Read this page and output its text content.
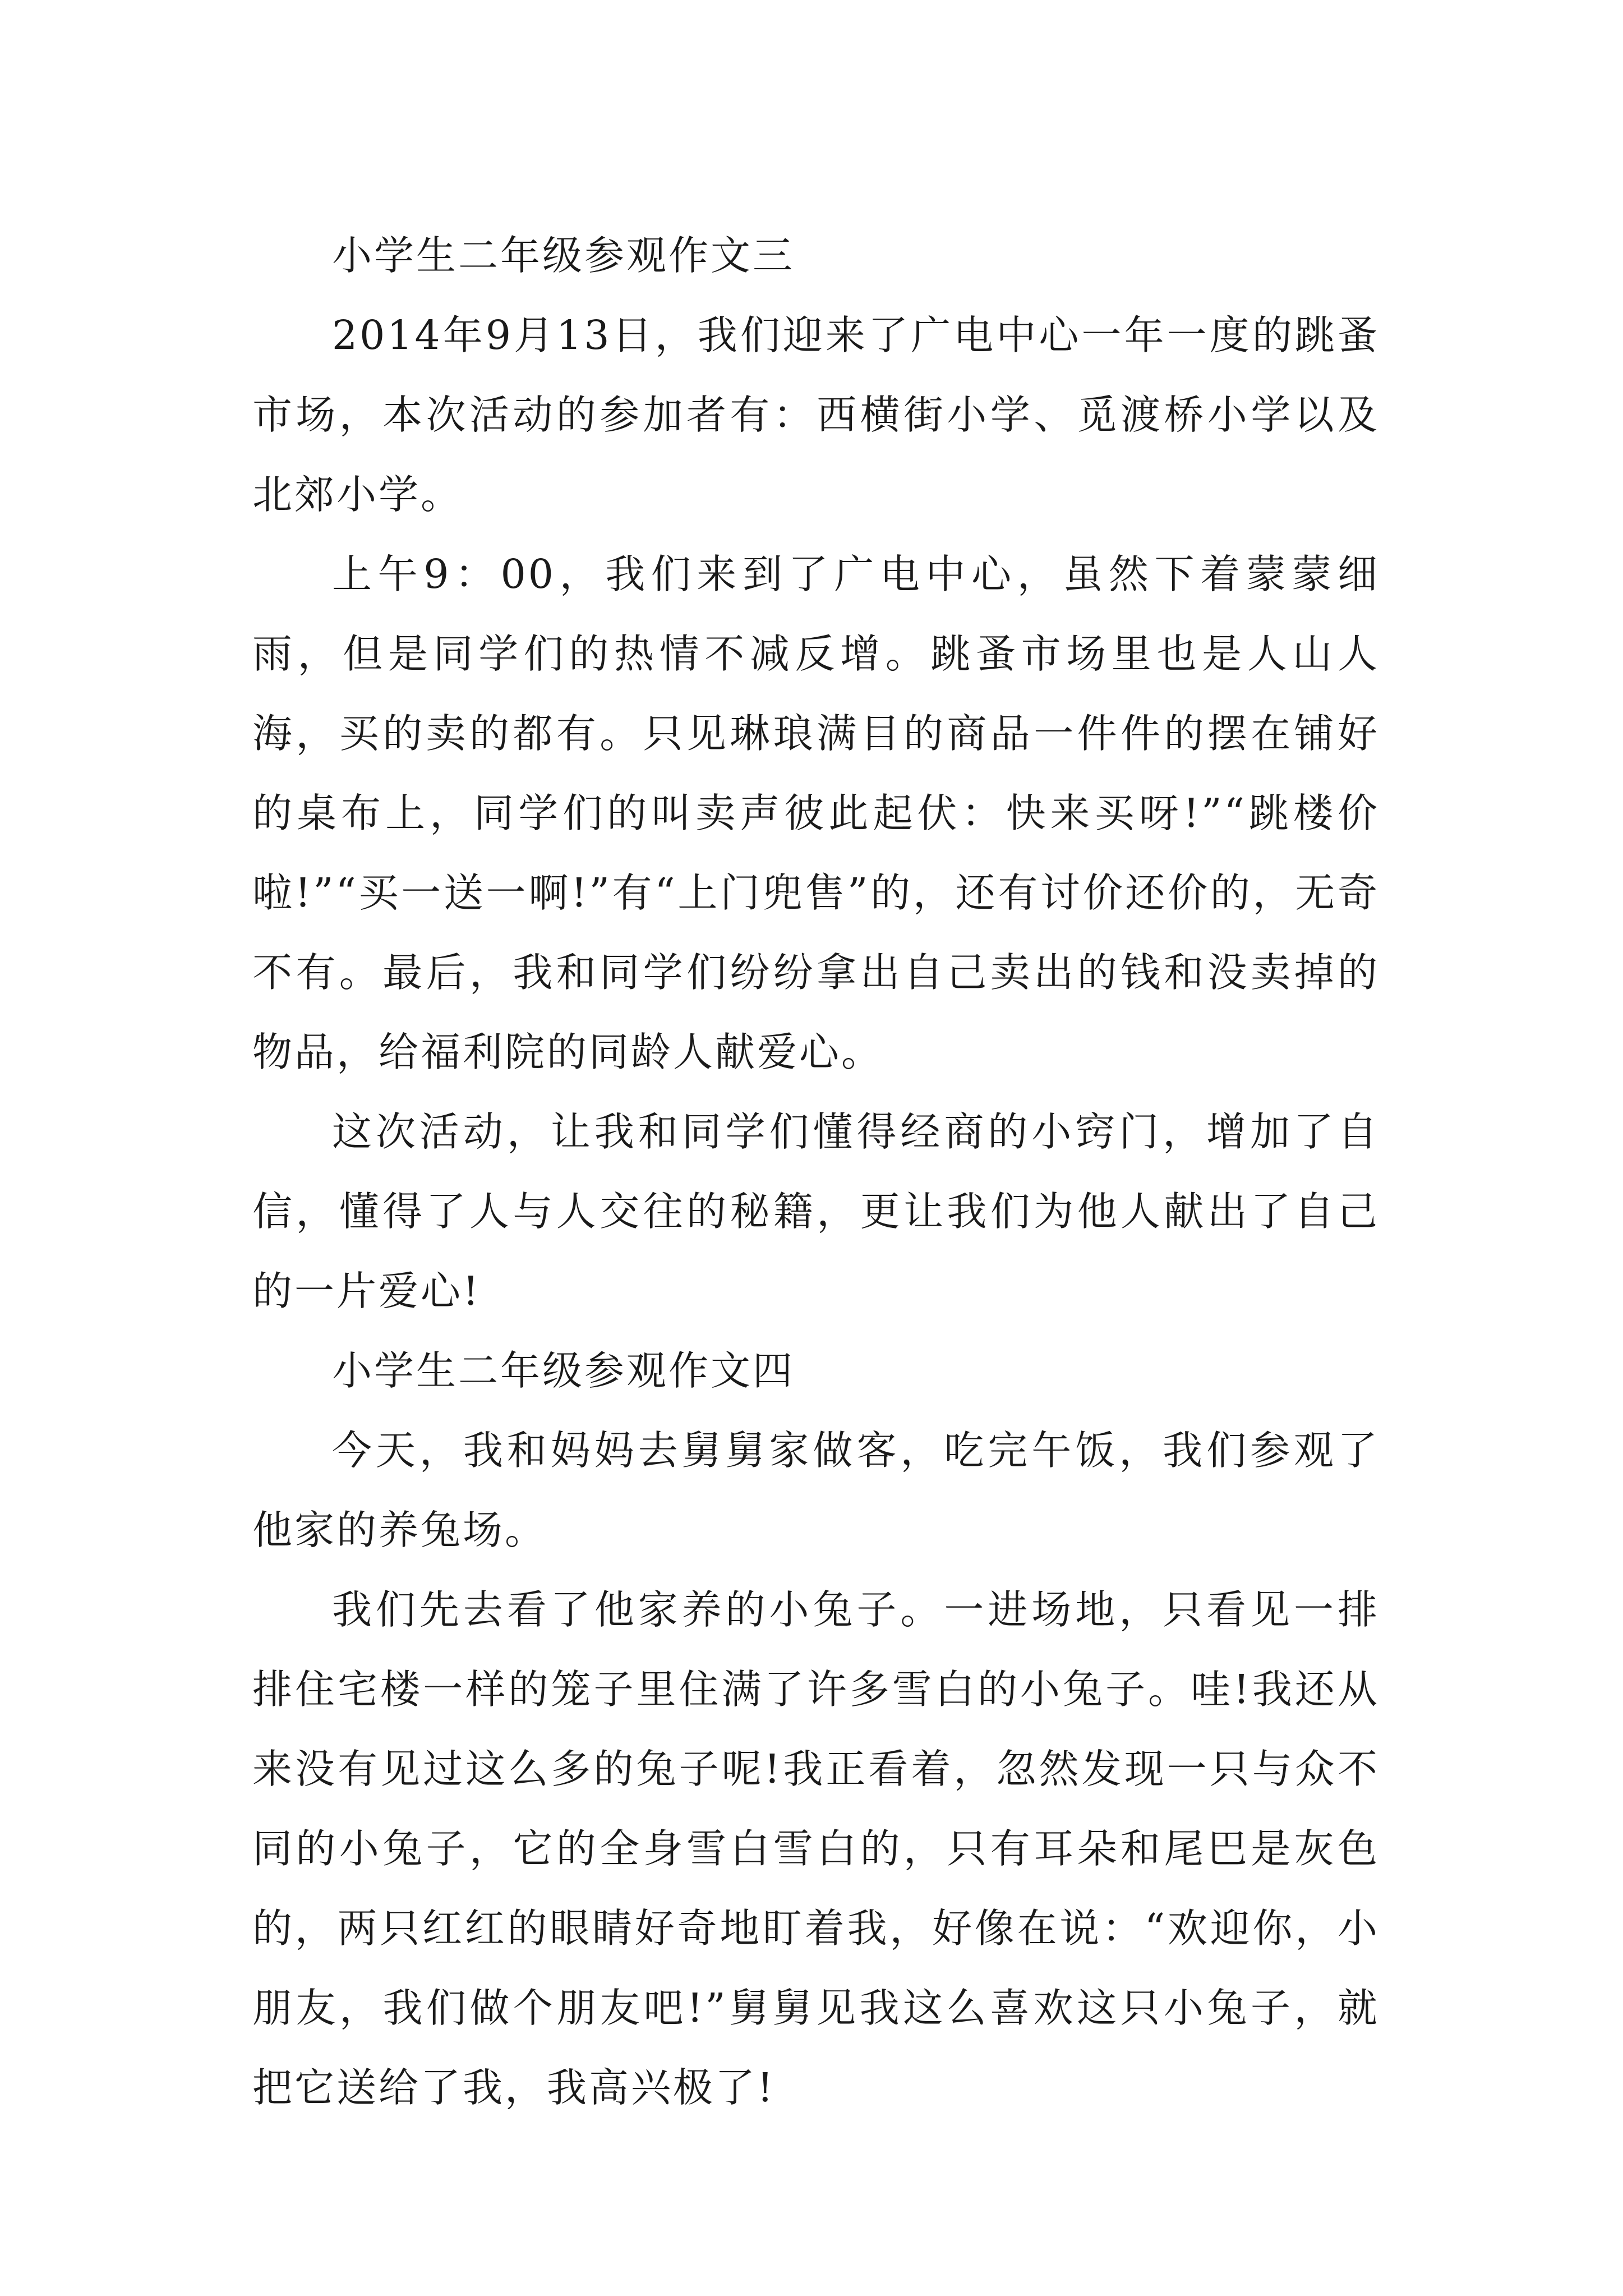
小学生二年级参观作文三

2014年9月13日，我们迎来了广电中心一年一度的跳蚤市场，本次活动的参加者有：西横街小学、觅渡桥小学以及北郊小学。

上午9：00，我们来到了广电中心，虽然下着蒙蒙细雨，但是同学们的热情不减反增。跳蚤市场里也是人山人海，买的卖的都有。只见琳琅满目的商品一件件的摆在铺好的桌布上，同学们的叫卖声彼此起伏：快来买呀!”“跳楼价啦!”“买一送一啊!”有“上门兜售”的，还有讨价还价的，无奇不有。最后，我和同学们纷纷拿出自己卖出的钱和没卖掉的物品，给福利院的同龄人献爱心。

这次活动，让我和同学们懂得经商的小窍门，增加了自信，懂得了人与人交往的秘籍，更让我们为他人献出了自己的一片爱心!

小学生二年级参观作文四

今天，我和妈妈去舅舅家做客，吃完午饭，我们参观了他家的养兔场。

我们先去看了他家养的小兔子。一进场地，只看见一排排住宅楼一样的笼子里住满了许多雪白的小兔子。哇!我还从来没有见过这么多的兔子呢!我正看着，忽然发现一只与众不同的小兔子，它的全身雪白雪白的，只有耳朵和尾巴是灰色的，两只红红的眼睛好奇地盯着我，好像在说：“欢迎你，小朋友，我们做个朋友吧!”舅舅见我这么喜欢这只小兔子，就把它送给了我，我高兴极了!
